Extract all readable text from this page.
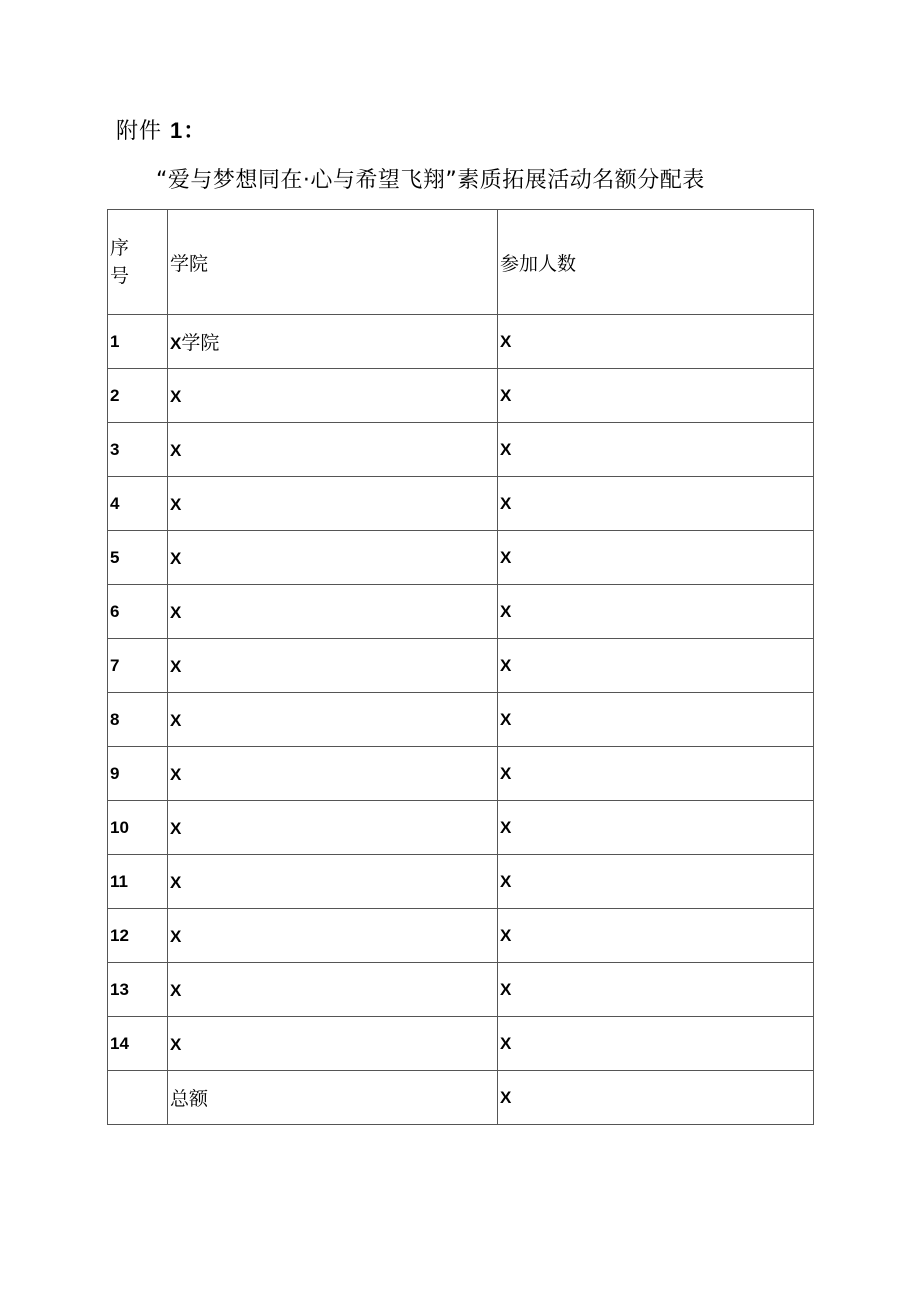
附件 1：
“爱与梦想同在·心与希望飞翔”素质拓展活动名额分配表
序号	学院	参加人数
1	X学院	X
2	X	X
3	X	X
4	X	X
5	X	X
6	X	X
7	X	X
8	X	X
9	X	X
10	X	X
11	X	X
12	X	X
13	X	X
14	X	X
	总额	X
